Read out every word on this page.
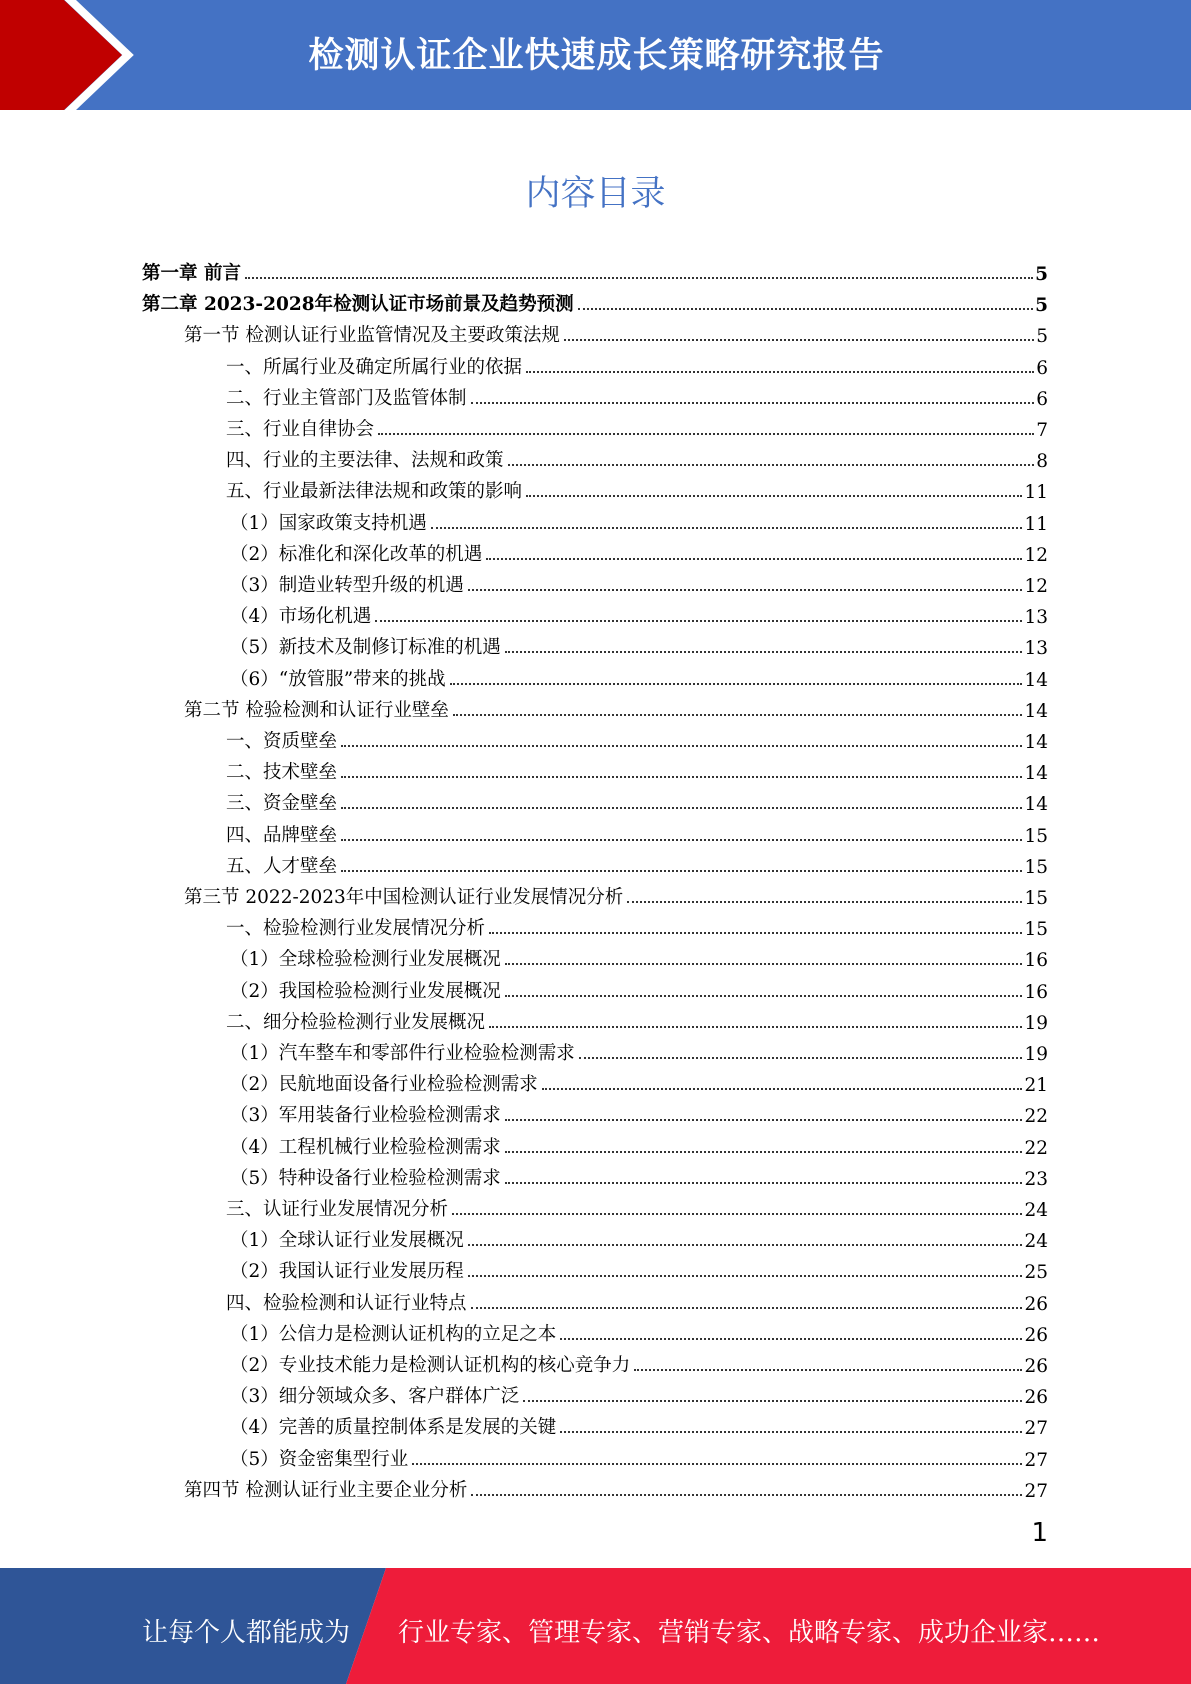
检测认证企业快速成长策略研究报告
内容目录
第一章 前言	5
第二章 2023-2028年检测认证市场前景及趋势预测	5
第一节 检测认证行业监管情况及主要政策法规	5
一、所属行业及确定所属行业的依据	6
二、行业主管部门及监管体制	6
三、行业自律协会	7
四、行业的主要法律、法规和政策	8
五、行业最新法律法规和政策的影响	11
（1）国家政策支持机遇	11
（2）标准化和深化改革的机遇	12
（3）制造业转型升级的机遇	12
（4）市场化机遇	13
（5）新技术及制修订标准的机遇	13
（6）“放管服”带来的挑战	14
第二节 检验检测和认证行业壁垒	14
一、资质壁垒	14
二、技术壁垒	14
三、资金壁垒	14
四、品牌壁垒	15
五、人才壁垒	15
第三节 2022-2023年中国检测认证行业发展情况分析	15
一、检验检测行业发展情况分析	15
（1）全球检验检测行业发展概况	16
（2）我国检验检测行业发展概况	16
二、细分检验检测行业发展概况	19
（1）汽车整车和零部件行业检验检测需求	19
（2）民航地面设备行业检验检测需求	21
（3）军用装备行业检验检测需求	22
（4）工程机械行业检验检测需求	22
（5）特种设备行业检验检测需求	23
三、认证行业发展情况分析	24
（1）全球认证行业发展概况	24
（2）我国认证行业发展历程	25
四、检验检测和认证行业特点	26
（1）公信力是检测认证机构的立足之本	26
（2）专业技术能力是检测认证机构的核心竞争力	26
（3）细分领域众多、客户群体广泛	26
（4）完善的质量控制体系是发展的关键	27
（5）资金密集型行业	27
第四节 检测认证行业主要企业分析	27
1
让每个人都能成为 行业专家、管理专家、营销专家、战略专家、成功企业家……
